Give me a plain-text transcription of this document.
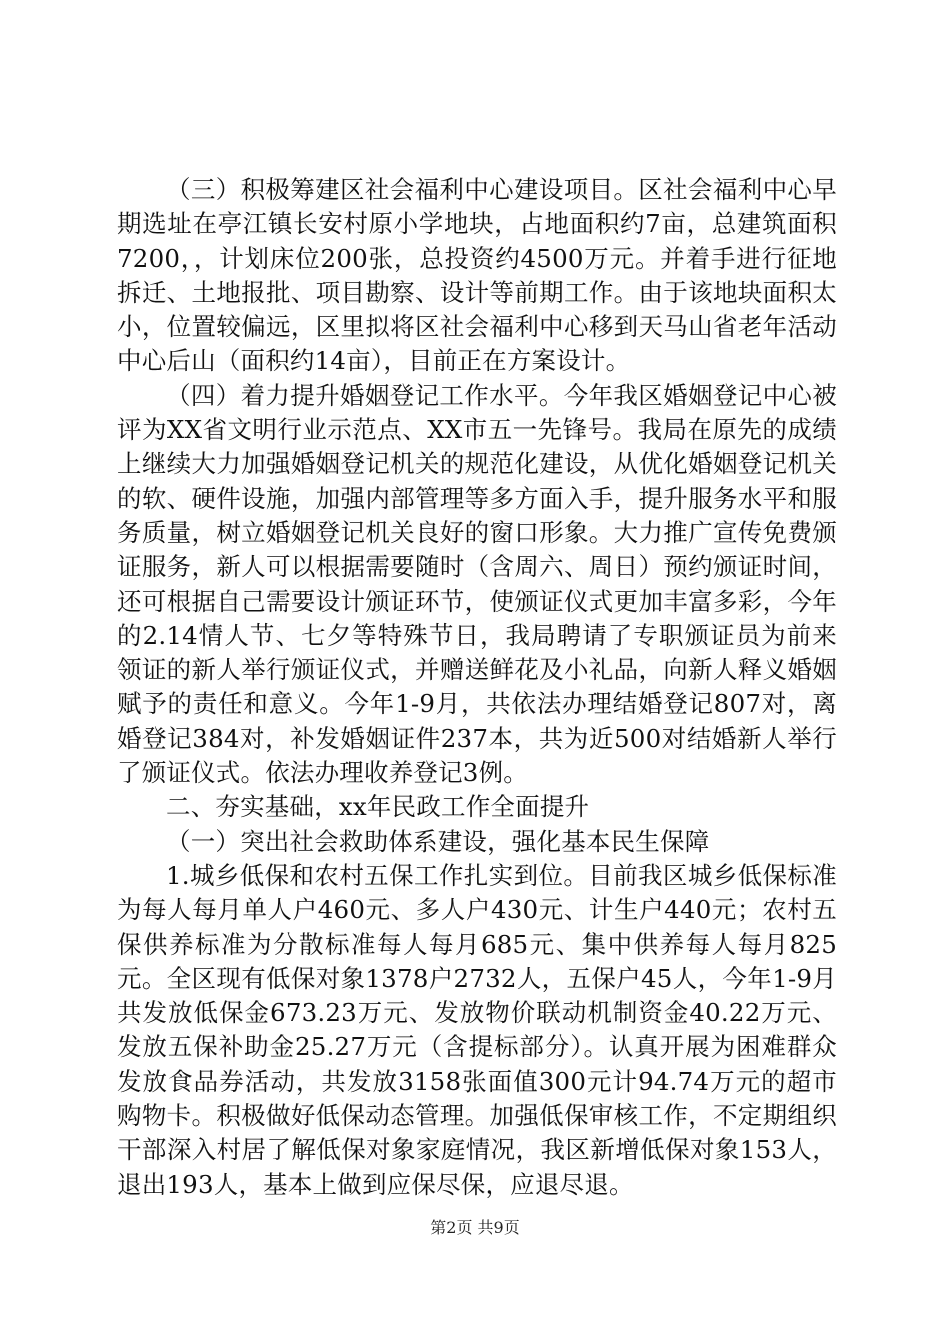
（三）积极筹建区社会福利中心建设项目。区社会福利中心早期选址在亭江镇长安村原小学地块，占地面积约7亩，总建筑面积7200，，计划床位200张，总投资约4500万元。并着手进行征地拆迁、土地报批、项目勘察、设计等前期工作。由于该地块面积太小，位置较偏远，区里拟将区社会福利中心移到天马山省老年活动中心后山（面积约14亩），目前正在方案设计。

（四）着力提升婚姻登记工作水平。今年我区婚姻登记中心被评为XX省文明行业示范点、XX市五一先锋号。我局在原先的成绩上继续大力加强婚姻登记机关的规范化建设，从优化婚姻登记机关的软、硬件设施，加强内部管理等多方面入手，提升服务水平和服务质量，树立婚姻登记机关良好的窗口形象。大力推广宣传免费颁证服务，新人可以根据需要随时（含周六、周日）预约颁证时间，还可根据自己需要设计颁证环节，使颁证仪式更加丰富多彩，今年的2.14情人节、七夕等特殊节日，我局聘请了专职颁证员为前来领证的新人举行颁证仪式，并赠送鲜花及小礼品，向新人释义婚姻赋予的责任和意义。今年1-9月，共依法办理结婚登记807对，离婚登记384对，补发婚姻证件237本，共为近500对结婚新人举行了颁证仪式。依法办理收养登记3例。

二、夯实基础，xx年民政工作全面提升

（一）突出社会救助体系建设，强化基本民生保障

1.城乡低保和农村五保工作扎实到位。目前我区城乡低保标准为每人每月单人户460元、多人户430元、计生户440元；农村五保供养标准为分散标准每人每月685元、集中供养每人每月825元。全区现有低保对象1378户2732人，五保户45人，今年1-9月共发放低保金673.23万元、发放物价联动机制资金40.22万元、发放五保补助金25.27万元（含提标部分）。认真开展为困难群众发放食品券活动，共发放3158张面值300元计94.74万元的超市购物卡。积极做好低保动态管理。加强低保审核工作，不定期组织干部深入村居了解低保对象家庭情况，我区新增低保对象153人，退出193人，基本上做到应保尽保，应退尽退。

第2页 共9页
